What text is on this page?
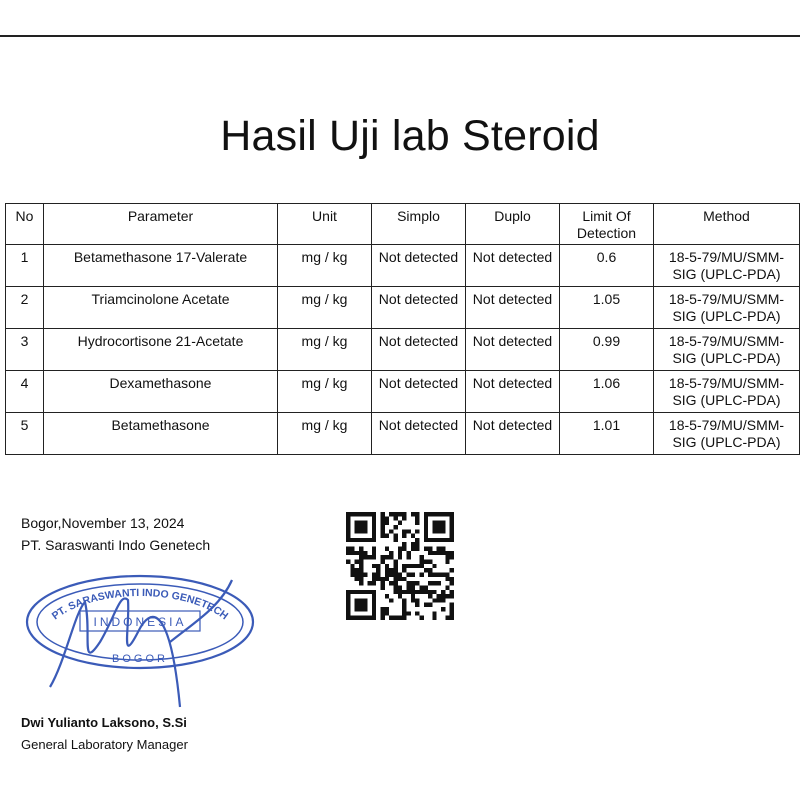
Hasil Uji lab Steroid
No	Parameter	Unit	Simplo	Duplo	Limit Of Detection	Method
1	Betamethasone 17-Valerate	mg / kg	Not detected	Not detected	0.6	18-5-79/MU/SMM-SIG (UPLC-PDA)
2	Triamcinolone Acetate	mg / kg	Not detected	Not detected	1.05	18-5-79/MU/SMM-SIG (UPLC-PDA)
3	Hydrocortisone 21-Acetate	mg / kg	Not detected	Not detected	0.99	18-5-79/MU/SMM-SIG (UPLC-PDA)
4	Dexamethasone	mg / kg	Not detected	Not detected	1.06	18-5-79/MU/SMM-SIG (UPLC-PDA)
5	Betamethasone	mg / kg	Not detected	Not detected	1.01	18-5-79/MU/SMM-SIG (UPLC-PDA)
Bogor,November 13, 2024
PT. Saraswanti Indo Genetech
PT. SARASWANTI INDO GENETECH
INDONESIA
BOGOR
Dwi Yulianto Laksono, S.Si
General Laboratory Manager
